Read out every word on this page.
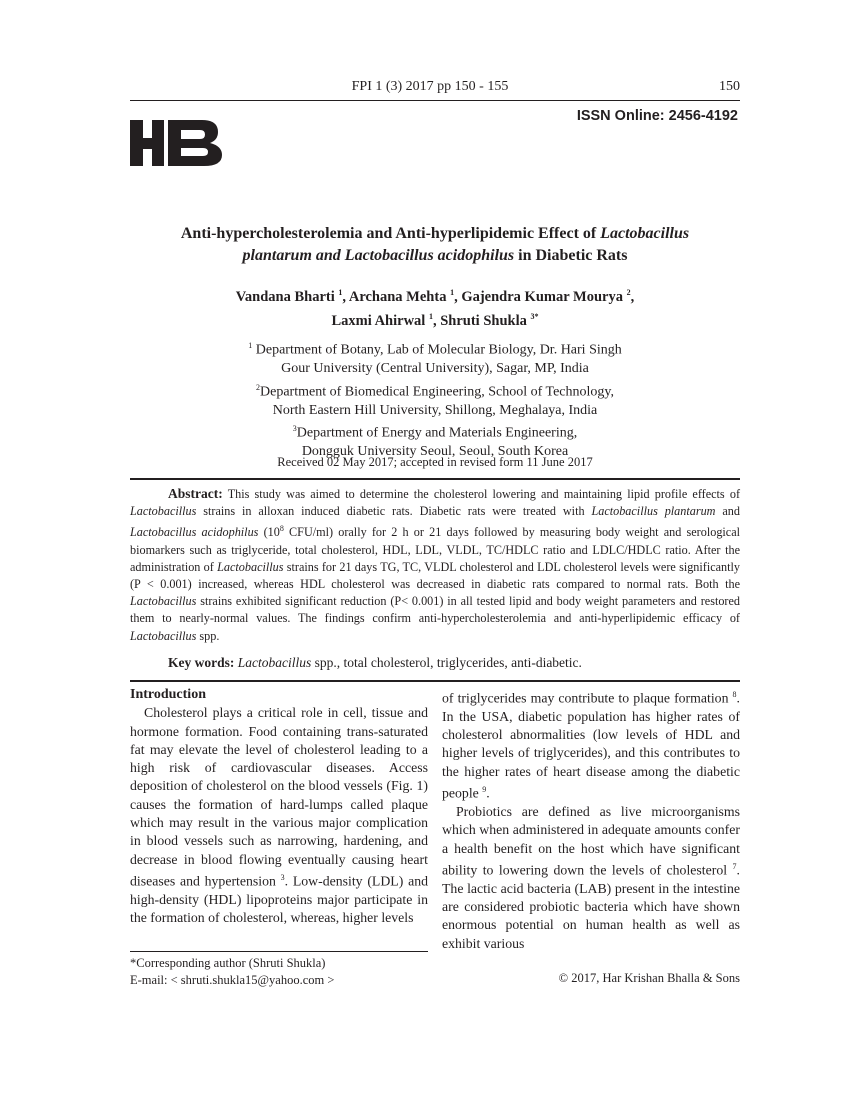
FPI 1 (3) 2017 pp 150 - 155	150
ISSN Online: 2456-4192
Anti-hypercholesterolemia and Anti-hyperlipidemic Effect of Lactobacillus plantarum and Lactobacillus acidophilus in Diabetic Rats
Vandana Bharti $^1$, Archana Mehta $^1$, Gajendra Kumar Mourya $^2$,
Laxmi Ahirwal $^1$, Shruti Shukla $^{3*}$
$^1$ Department of Botany, Lab of Molecular Biology, Dr. Hari Singh
Gour University (Central University), Sagar, MP, India
$^2$Department of Biomedical Engineering, School of Technology,
North Eastern Hill University, Shillong, Meghalaya, India
$^3$Department of Energy and Materials Engineering,
Dongguk University Seoul, Seoul, South Korea
Received 02 May 2017; accepted in revised form 11 June 2017
Abstract: This study was aimed to determine the cholesterol lowering and maintaining lipid profile effects of Lactobacillus strains in alloxan induced diabetic rats. Diabetic rats were treated with Lactobacillus plantarum and Lactobacillus acidophilus ($10^8$ CFU/ml) orally for 2 h or 21 days followed by measuring body weight and serological biomarkers such as triglyceride, total cholesterol, HDL, LDL, VLDL, TC/HDLC ratio and LDLC/HDLC ratio. After the administration of Lactobacillus strains for 21 days TG, TC, VLDL cholesterol and LDL cholesterol levels were significantly (P < 0.001) increased, whereas HDL cholesterol was decreased in diabetic rats compared to normal rats. Both the Lactobacillus strains exhibited significant reduction (P< 0.001) in all tested lipid and body weight parameters and restored them to nearly-normal values. The findings confirm anti-hypercholesterolemia and anti-hyperlipidemic efficacy of Lactobacillus spp.
Key words: Lactobacillus spp., total cholesterol, triglycerides, anti-diabetic.

Introduction

Cholesterol plays a critical role in cell, tissue and hormone formation. Food containing trans-saturated fat may elevate the level of cholesterol leading to a high risk of cardiovascular diseases. Access deposition of cholesterol on the blood vessels (Fig. 1) causes the formation of hard-lumps called plaque which may result in the various major complication in blood vessels such as narrowing, hardening, and decrease in blood flowing eventually causing heart diseases and hypertension $^3$. Low-density (LDL) and high-density (HDL) lipoproteins major participate in the formation of cholesterol, whereas, higher levels

of triglycerides may contribute to plaque formation $^8$. In the USA, diabetic population has higher rates of cholesterol abnormalities (low levels of HDL and higher levels of triglycerides), and this contributes to the higher rates of heart disease among the diabetic people $^9$.

Probiotics are defined as live microorganisms which when administered in adequate amounts confer a health benefit on the host which have significant ability to lowering down the levels of cholesterol $^7$. The lactic acid bacteria (LAB) present in the intestine are considered probiotic bacteria which have shown enormous potential on human health as well as exhibit various

*Corresponding author (Shruti Shukla)
E-mail: < shruti.shukla15@yahoo.com >	© 2017, Har Krishan Bhalla & Sons
